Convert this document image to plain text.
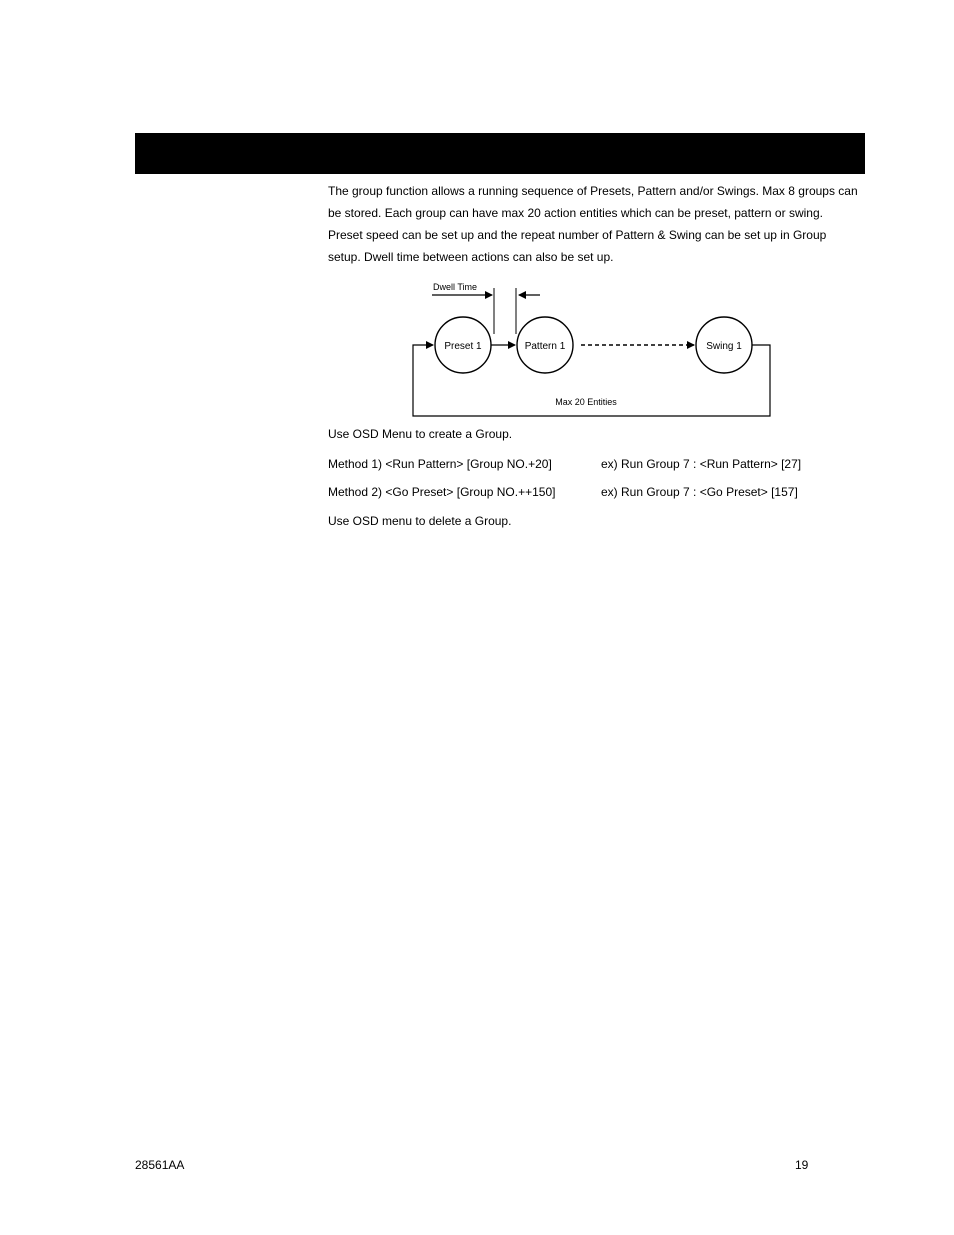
The group function allows a running sequence of Presets, Pattern and/or Swings. Max 8 groups can be stored. Each group can have max 20 action entities which can be preset, pattern or swing. Preset speed can be set up and the repeat number of Pattern & Swing can be set up in Group setup. Dwell time between actions can also be set up.

Dwell Time
Preset 1	Pattern 1	Swing 1
Max 20 Entities

Use OSD Menu to create a Group.

Method 1) <Run Pattern> [Group NO.+20]	ex) Run Group 7 : <Run Pattern> [27]

Method 2) <Go Preset> [Group NO.++150]	ex) Run Group 7 : <Go Preset> [157]

Use OSD menu to delete a Group.

28561AA	19
